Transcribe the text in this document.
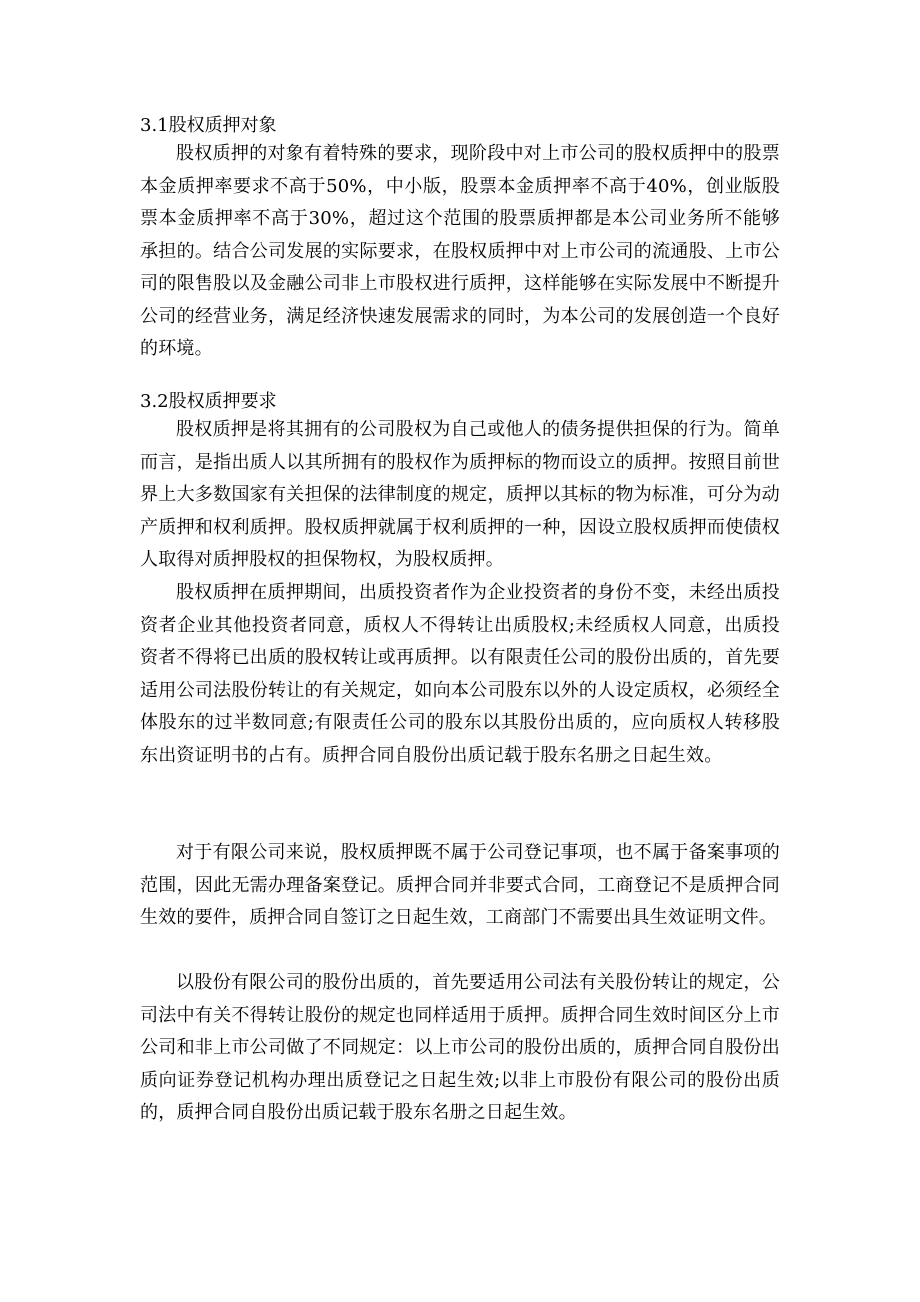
3.1股权质押对象

股权质押的对象有着特殊的要求，现阶段中对上市公司的股权质押中的股票本金质押率要求不高于50%，中小版，股票本金质押率不高于40%，创业版股票本金质押率不高于30%，超过这个范围的股票质押都是本公司业务所不能够承担的。结合公司发展的实际要求，在股权质押中对上市公司的流通股、上市公司的限售股以及金融公司非上市股权进行质押，这样能够在实际发展中不断提升公司的经营业务，满足经济快速发展需求的同时，为本公司的发展创造一个良好的环境。

3.2股权质押要求

股权质押是将其拥有的公司股权为自己或他人的债务提供担保的行为。简单而言，是指出质人以其所拥有的股权作为质押标的物而设立的质押。按照目前世界上大多数国家有关担保的法律制度的规定，质押以其标的物为标准，可分为动产质押和权利质押。股权质押就属于权利质押的一种，因设立股权质押而使债权人取得对质押股权的担保物权，为股权质押。

股权质押在质押期间，出质投资者作为企业投资者的身份不变，未经出质投资者企业其他投资者同意，质权人不得转让出质股权;未经质权人同意，出质投资者不得将已出质的股权转让或再质押。以有限责任公司的股份出质的，首先要适用公司法股份转让的有关规定，如向本公司股东以外的人设定质权，必须经全体股东的过半数同意;有限责任公司的股东以其股份出质的，应向质权人转移股东出资证明书的占有。质押合同自股份出质记载于股东名册之日起生效。

对于有限公司来说，股权质押既不属于公司登记事项，也不属于备案事项的范围，因此无需办理备案登记。质押合同并非要式合同，工商登记不是质押合同生效的要件，质押合同自签订之日起生效，工商部门不需要出具生效证明文件。

以股份有限公司的股份出质的，首先要适用公司法有关股份转让的规定，公司法中有关不得转让股份的规定也同样适用于质押。质押合同生效时间区分上市公司和非上市公司做了不同规定：以上市公司的股份出质的，质押合同自股份出质向证券登记机构办理出质登记之日起生效;以非上市股份有限公司的股份出质的，质押合同自股份出质记载于股东名册之日起生效。
